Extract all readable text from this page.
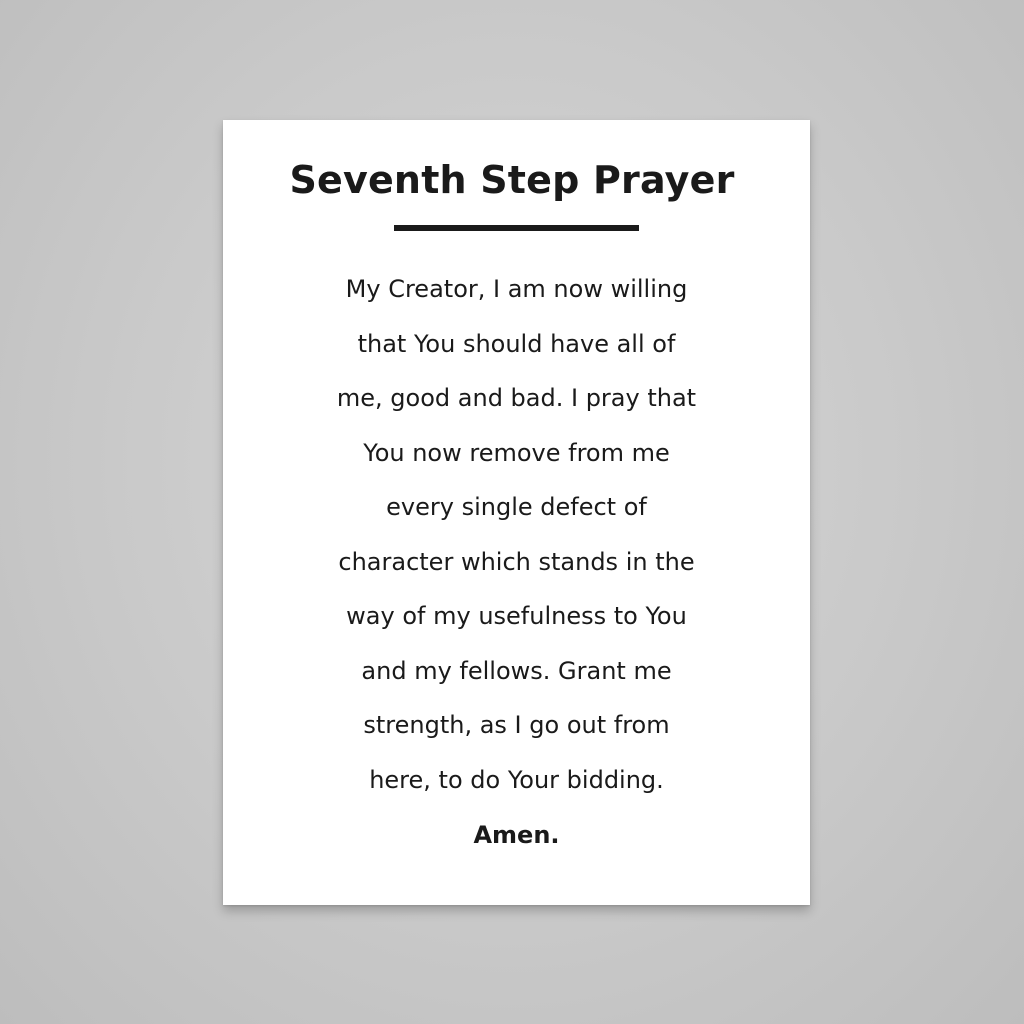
Seventh Step Prayer
My Creator, I am now willing
that You should have all of
me, good and bad. I pray that
You now remove from me
every single defect of
character which stands in the
way of my usefulness to You
and my fellows. Grant me
strength, as I go out from
here, to do Your bidding.
Amen.
